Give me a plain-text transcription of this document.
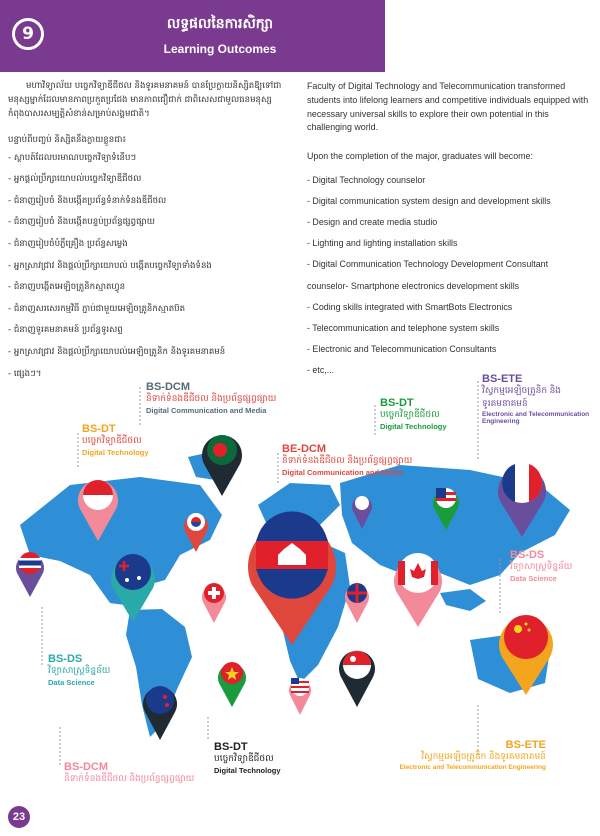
9	លទ្ធផលនៃការសិក្សា
Learning Outcomes

មហាវិទ្យាល័យ បច្ចេកវិទ្យាឌីជីថល និងទូរគមនាគមន៍ បានប្រែក្លាយនិស្សិតឱ្យទៅជាមនុស្សម្នាក់ដែលមានភាពប្រកួតប្រជែង មានភាពជឿជាក់ ជាពិសេសជាមួលធនមនុស្សកំពុងបាសរសម្បត្តិសំខាន់សម្រាប់សង្គមជាតិ។

បន្ទាប់ពីបញ្ចប់ និស្សិតនឹងក្លាយខ្លួនជា៖

- ស្ថាបត៍ដែលបរមាណបច្ចេកវិទ្យាទំនើបៗ
- អ្នកផ្តល់ប្រឹក្សាយោបល់បច្ចេកវិទ្យាឌីជីថល
- ជំនាញរៀបចំ និងបង្កើតប្រព័ន្ធទំនាក់ទំនងឌីជីថល
- ជំនាញរៀបចំ និងបង្កើតបន្ទប់ប្រព័ន្ធផ្សព្វផ្សាយ
- ជំនាញរៀបចំបំភ្លឺគ្រឿង ប្រព័ន្ធសម្លេង
- អ្នកស្រាវជ្រាវ និងផ្ដល់ប្រឹក្សាយោបល់ បង្កើតបច្ចេកវិទ្យាទាំងទំនង
- ជំនាញបង្កើតអេឡិចត្រូនិកស្មាតហ្វូន
- ជំនាញសរសេរកម្មវិធី ភ្ជាប់ជាមួយអេឡិចត្រូនិកស្មាតប៊ត
- ជំនាញទូរគមនាគមន៍ ប្រព័ន្ធទូរសព្ទ
- អ្នកស្រាវជ្រាវ និងផ្ដល់ប្រឹក្សាយោបល់អេឡិចត្រូនិក និងទូរគមនាគមន៍
- ផ្សេងៗ។

Faculty of Digital Technology and Telecommunication transformed students into lifelong learners and competitive individuals equipped with necessary universal skills to explore their own potential in this challenging world.

Upon the completion of the major, graduates will become:

- Digital Technology counselor
- Digital communication system design and development skills
- Design and create media studio
- Lighting and lighting installation skills
- Digital Communication Technology Development Consultant
counselor- Smartphone electronics development skills
- Coding skills integrated with SmartBots Electronics
- Telecommunication and telephone system skills
- Electronic and Telecommunication Consultants
- etc,...
BS-DCM
និទាក់ទំនងឌីជីថល និងប្រព័ន្ធផ្សព្វផ្សាយ
Digital Communication and Media
BS-DT
បច្ចេកវិទ្យាឌីជីថល
Digital Technology
BS-DT
បច្ចេកវិទ្យាឌីជីថល
Digital Technology
BS-ETE
វិស្វកម្មអេឡិចត្រូនិក និងទូរគមនាគមន៍
Electronic and Telecommunication Engineering
BE-DCM
និទាក់ទំនងឌីជីថល និងប្រព័ន្ធផ្សព្វផ្សាយ
Digital Communication and Media
BS-DS
វិទ្យាសាស្ត្រទិន្នន័យ
Data Science
BS-DS
វិទ្យាសាស្ត្រទិន្នន័យ
Data Science
BS-DT
បច្ចេកវិទ្យាឌីជីថល
Digital Technology
BS-ETE
វិស្វកម្មអេឡិចត្រូនិក និងទូរគមនាគមន៍
Electronic and Telecommunication Engineering
BS-DCM
និទាក់ទំនងឌីជីថល និងប្រព័ន្ធផ្សព្វផ្សាយ
23
